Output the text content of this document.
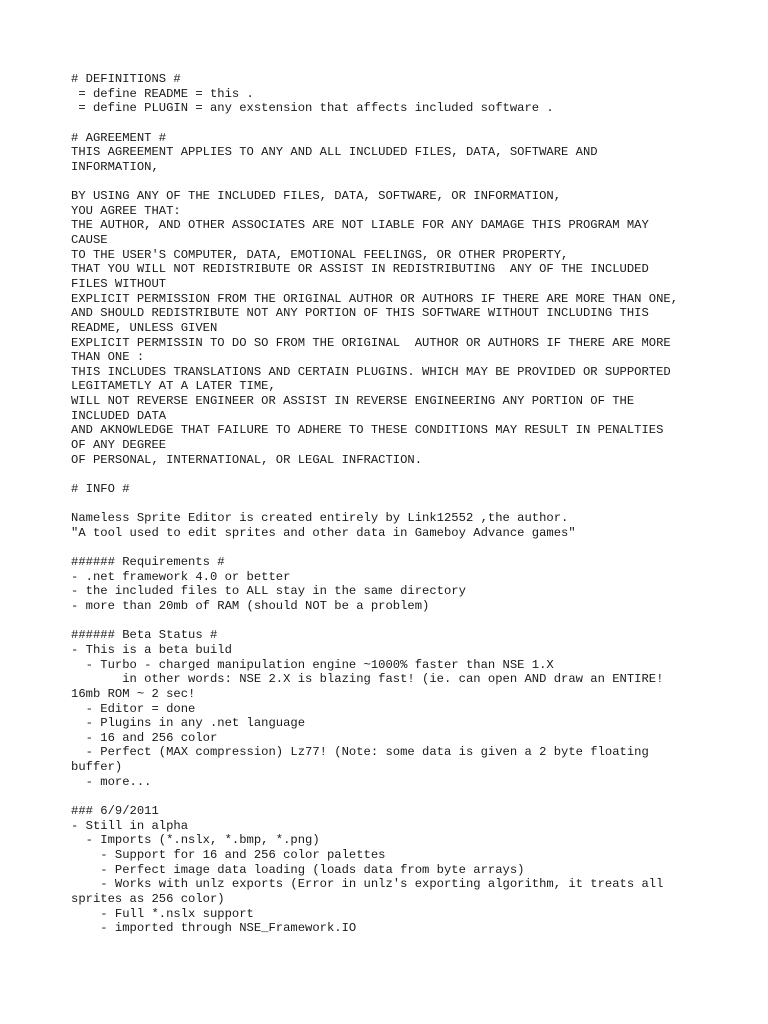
# DEFINITIONS #
= define README = this .
= define PLUGIN = any exstension that affects included software .

# AGREEMENT #
THIS AGREEMENT APPLIES TO ANY AND ALL INCLUDED FILES, DATA, SOFTWARE AND
INFORMATION,

BY USING ANY OF THE INCLUDED FILES, DATA, SOFTWARE, OR INFORMATION,
YOU AGREE THAT:
THE AUTHOR, AND OTHER ASSOCIATES ARE NOT LIABLE FOR ANY DAMAGE THIS PROGRAM MAY
CAUSE
TO THE USER'S COMPUTER, DATA, EMOTIONAL FEELINGS, OR OTHER PROPERTY,
THAT YOU WILL NOT REDISTRIBUTE OR ASSIST IN REDISTRIBUTING  ANY OF THE INCLUDED
FILES WITHOUT
EXPLICIT PERMISSION FROM THE ORIGINAL AUTHOR OR AUTHORS IF THERE ARE MORE THAN ONE,
AND SHOULD REDISTRIBUTE NOT ANY PORTION OF THIS SOFTWARE WITHOUT INCLUDING THIS
README, UNLESS GIVEN
EXPLICIT PERMISSIN TO DO SO FROM THE ORIGINAL  AUTHOR OR AUTHORS IF THERE ARE MORE
THAN ONE :
THIS INCLUDES TRANSLATIONS AND CERTAIN PLUGINS. WHICH MAY BE PROVIDED OR SUPPORTED
LEGITAMETLY AT A LATER TIME,
WILL NOT REVERSE ENGINEER OR ASSIST IN REVERSE ENGINEERING ANY PORTION OF THE
INCLUDED DATA
AND AKNOWLEDGE THAT FAILURE TO ADHERE TO THESE CONDITIONS MAY RESULT IN PENALTIES
OF ANY DEGREE
OF PERSONAL, INTERNATIONAL, OR LEGAL INFRACTION.

# INFO #

Nameless Sprite Editor is created entirely by Link12552 ,the author.
"A tool used to edit sprites and other data in Gameboy Advance games"

###### Requirements #
- .net framework 4.0 or better
- the included files to ALL stay in the same directory
- more than 20mb of RAM (should NOT be a problem)

###### Beta Status #
- This is a beta build
- Turbo - charged manipulation engine ~1000% faster than NSE 1.X
in other words: NSE 2.X is blazing fast! (ie. can open AND draw an ENTIRE!
16mb ROM ~ 2 sec!
- Editor = done
- Plugins in any .net language
- 16 and 256 color
- Perfect (MAX compression) Lz77! (Note: some data is given a 2 byte floating
buffer)
- more...

### 6/9/2011
- Still in alpha
- Imports (*.nslx, *.bmp, *.png)
- Support for 16 and 256 color palettes
- Perfect image data loading (loads data from byte arrays)
- Works with unlz exports (Error in unlz's exporting algorithm, it treats all
sprites as 256 color)
- Full *.nslx support
- imported through NSE_Framework.IO
